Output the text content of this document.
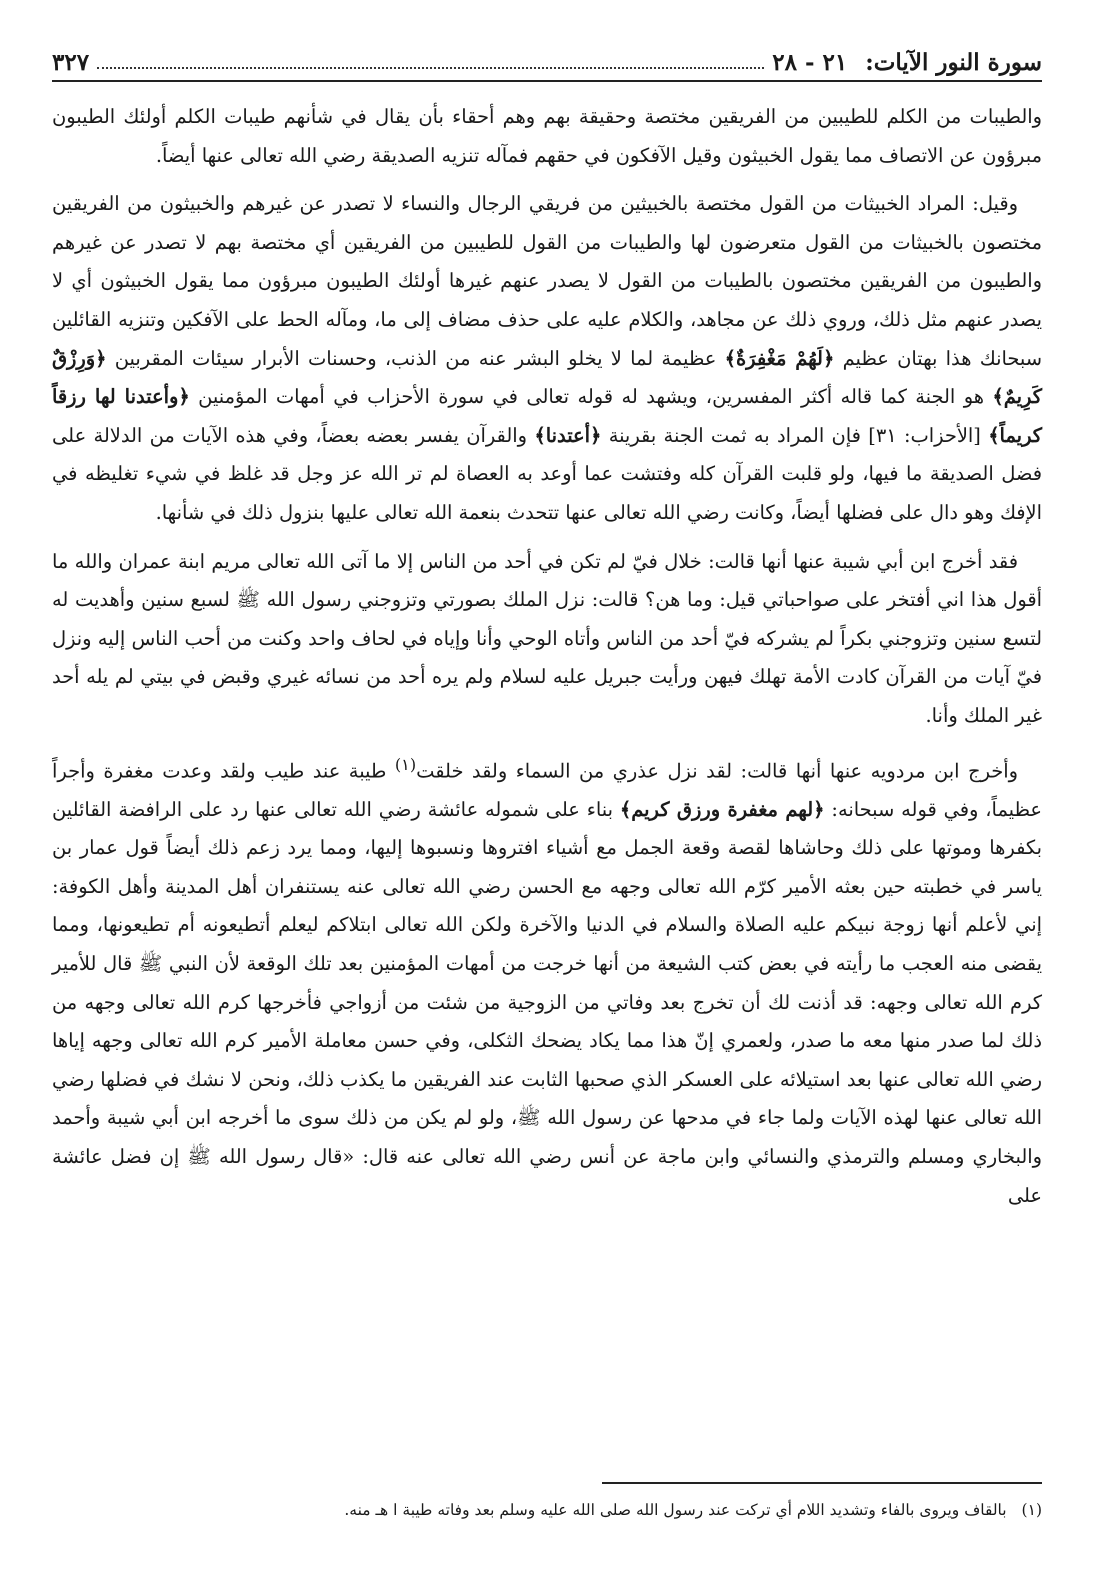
سورة النور الآيات: ٢١ - ٢٨
٣٢٧

والطيبات من الكلم للطيبين من الفريقين مختصة وحقيقة بهم وهم أحقاء بأن يقال في شأنهم طيبات الكلم أولئك الطيبون مبرؤون عن الاتصاف مما يقول الخبيثون وقيل الآفكون في حقهم فمآله تنزيه الصديقة رضي الله تعالى عنها أيضاً.

وقيل: المراد الخبيثات من القول مختصة بالخبيثين من فريقي الرجال والنساء لا تصدر عن غيرهم والخبيثون من الفريقين مختصون بالخبيثات من القول متعرضون لها والطيبات من القول للطيبين من الفريقين أي مختصة بهم لا تصدر عن غيرهم والطيبون من الفريقين مختصون بالطيبات من القول لا يصدر عنهم غيرها أولئك الطيبون مبرؤون مما يقول الخبيثون أي لا يصدر عنهم مثل ذلك، وروي ذلك عن مجاهد، والكلام عليه على حذف مضاف إلى ما، ومآله الحط على الآفكين وتنزيه القائلين سبحانك هذا بهتان عظيم ﴿لَهُمْ مَغْفِرَةٌ﴾ عظيمة لما لا يخلو البشر عنه من الذنب، وحسنات الأبرار سيئات المقربين ﴿وَرِزْقٌ كَرِيمٌ﴾ هو الجنة كما قاله أكثر المفسرين، ويشهد له قوله تعالى في سورة الأحزاب في أمهات المؤمنين ﴿وأعتدنا لها رزقاً كريماً﴾ [الأحزاب: ٣١] فإن المراد به ثمت الجنة بقرينة ﴿أعتدنا﴾ والقرآن يفسر بعضه بعضاً، وفي هذه الآيات من الدلالة على فضل الصديقة ما فيها، ولو قلبت القرآن كله وفتشت عما أوعد به العصاة لم تر الله عز وجل قد غلظ في شيء تغليظه في الإفك وهو دال على فضلها أيضاً، وكانت رضي الله تعالى عنها تتحدث بنعمة الله تعالى عليها بنزول ذلك في شأنها.

فقد أخرج ابن أبي شيبة عنها أنها قالت: خلال فيّ لم تكن في أحد من الناس إلا ما آتى الله تعالى مريم ابنة عمران والله ما أقول هذا اني أفتخر على صواحباتي قيل: وما هن؟ قالت: نزل الملك بصورتي وتزوجني رسول الله ﷺ لسبع سنين وأهديت له لتسع سنين وتزوجني بكراً لم يشركه فيّ أحد من الناس وأتاه الوحي وأنا وإياه في لحاف واحد وكنت من أحب الناس إليه ونزل فيّ آيات من القرآن كادت الأمة تهلك فيهن ورأيت جبريل عليه لسلام ولم يره أحد من نسائه غيري وقبض في بيتي لم يله أحد غير الملك وأنا.

وأخرج ابن مردويه عنها أنها قالت: لقد نزل عذري من السماء ولقد خلقت$^{(١)}$ طيبة عند طيب ولقد وعدت مغفرة وأجراً عظيماً، وفي قوله سبحانه: ﴿لهم مغفرة ورزق كريم﴾ بناء على شموله عائشة رضي الله تعالى عنها رد على الرافضة القائلين بكفرها وموتها على ذلك وحاشاها لقصة وقعة الجمل مع أشياء افتروها ونسبوها إليها، ومما يرد زعم ذلك أيضاً قول عمار بن ياسر في خطبته حين بعثه الأمير كرّم الله تعالى وجهه مع الحسن رضي الله تعالى عنه يستنفران أهل المدينة وأهل الكوفة: إني لأعلم أنها زوجة نبيكم عليه الصلاة والسلام في الدنيا والآخرة ولكن الله تعالى ابتلاكم ليعلم أتطيعونه أم تطيعونها، ومما يقضى منه العجب ما رأيته في بعض كتب الشيعة من أنها خرجت من أمهات المؤمنين بعد تلك الوقعة لأن النبي ﷺ قال للأمير كرم الله تعالى وجهه: قد أذنت لك أن تخرج بعد وفاتي من الزوجية من شئت من أزواجي فأخرجها كرم الله تعالى وجهه من ذلك لما صدر منها معه ما صدر، ولعمري إنّ هذا مما يكاد يضحك الثكلى، وفي حسن معاملة الأمير كرم الله تعالى وجهه إياها رضي الله تعالى عنها بعد استيلائه على العسكر الذي صحبها الثابت عند الفريقين ما يكذب ذلك، ونحن لا نشك في فضلها رضي الله تعالى عنها لهذه الآيات ولما جاء في مدحها عن رسول الله ﷺ، ولو لم يكن من ذلك سوى ما أخرجه ابن أبي شيبة وأحمد والبخاري ومسلم والترمذي والنسائي وابن ماجة عن أنس رضي الله تعالى عنه قال: «قال رسول الله ﷺ إن فضل عائشة على

(١) بالقاف ويروى بالفاء وتشديد اللام أي تركت عند رسول الله صلى الله عليه وسلم بعد وفاته طيبة ا هـ منه.
